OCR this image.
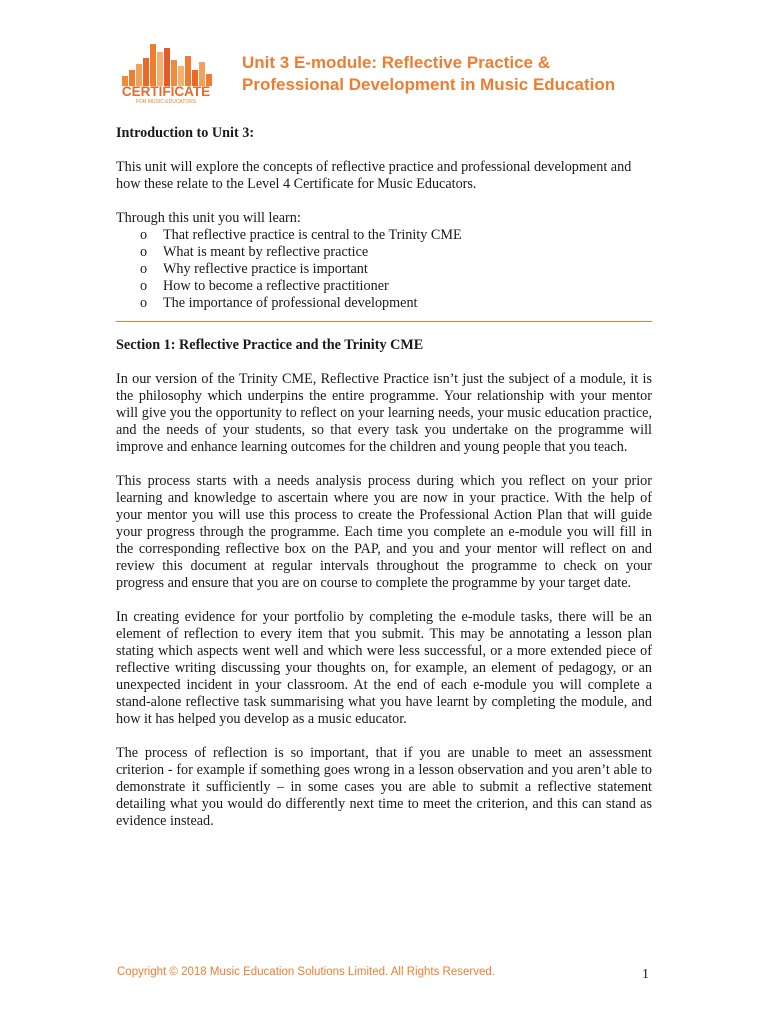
CERTIFICATE
FOR MUSIC EDUCATORS
Unit 3 E-module: Reflective Practice &
Professional Development in Music Education

Introduction to Unit 3:

This unit will explore the concepts of reflective practice and professional development and how these relate to the Level 4 Certificate for Music Educators.

Through this unit you will learn:

o That reflective practice is central to the Trinity CME
o What is meant by reflective practice
o Why reflective practice is important
o How to become a reflective practitioner
o The importance of professional development

Section 1: Reflective Practice and the Trinity CME

In our version of the Trinity CME, Reflective Practice isn’t just the subject of a module, it is the philosophy which underpins the entire programme. Your relationship with your mentor will give you the opportunity to reflect on your learning needs, your music education practice, and the needs of your students, so that every task you undertake on the programme will improve and enhance learning outcomes for the children and young people that you teach.

This process starts with a needs analysis process during which you reflect on your prior learning and knowledge to ascertain where you are now in your practice. With the help of your mentor you will use this process to create the Professional Action Plan that will guide your progress through the programme. Each time you complete an e-module you will fill in the corresponding reflective box on the PAP, and you and your mentor will reflect on and review this document at regular intervals throughout the programme to check on your progress and ensure that you are on course to complete the programme by your target date.

In creating evidence for your portfolio by completing the e-module tasks, there will be an element of reflection to every item that you submit. This may be annotating a lesson plan stating which aspects went well and which were less successful, or a more extended piece of reflective writing discussing your thoughts on, for example, an element of pedagogy, or an unexpected incident in your classroom. At the end of each e-module you will complete a stand-alone reflective task summarising what you have learnt by completing the module, and how it has helped you develop as a music educator.

The process of reflection is so important, that if you are unable to meet an assessment criterion - for example if something goes wrong in a lesson observation and you aren’t able to demonstrate it sufficiently – in some cases you are able to submit a reflective statement detailing what you would do differently next time to meet the criterion, and this can stand as evidence instead.

Copyright © 2018 Music Education Solutions Limited. All Rights Reserved.	1
